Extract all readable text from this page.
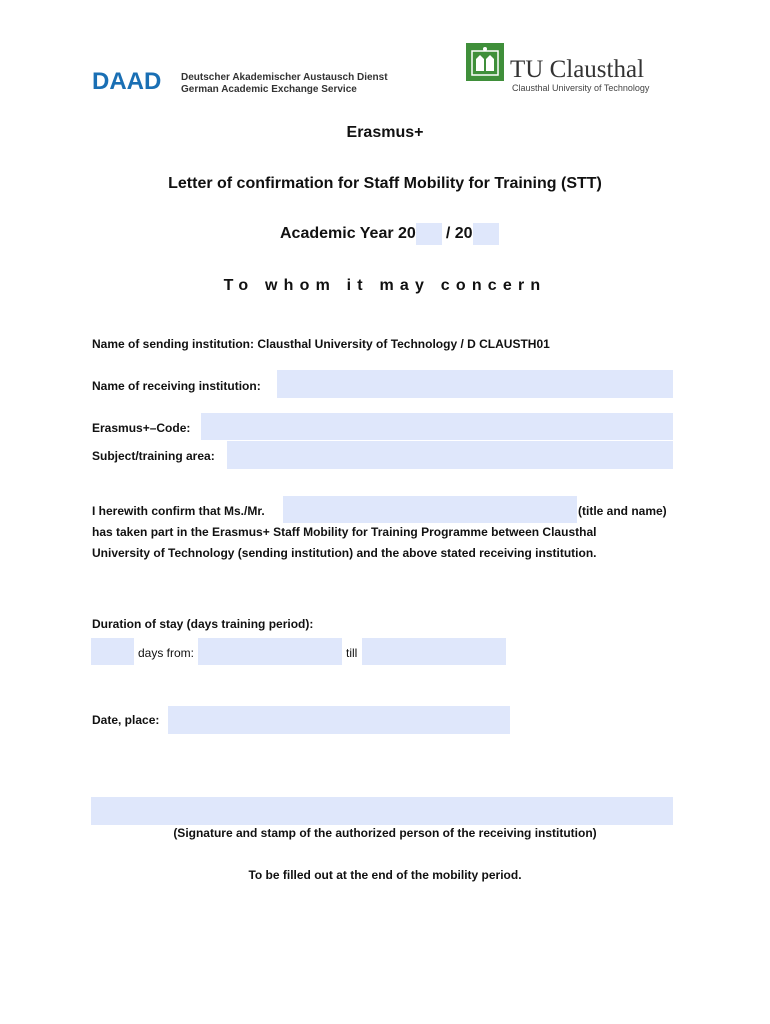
DAAD Deutscher Akademischer Austausch Dienst
German Academic Exchange Service
TU Clausthal
Clausthal University of Technology
Erasmus+
Letter of confirmation for Staff Mobility for Training (STT)
Academic Year 20 / 20
To whom it may concern
Name of sending institution: Clausthal University of Technology / D CLAUSTH01
Name of receiving institution:
Erasmus+–Code:
Subject/training area:
I herewith confirm that Ms./Mr.	(title and name)
has taken part in the Erasmus+ Staff Mobility for Training Programme between Clausthal
University of Technology (sending institution) and the above stated receiving institution.
Duration of stay (days training period):
days from:	till
Date, place:
(Signature and stamp of the authorized person of the receiving institution)
To be filled out at the end of the mobility period.
